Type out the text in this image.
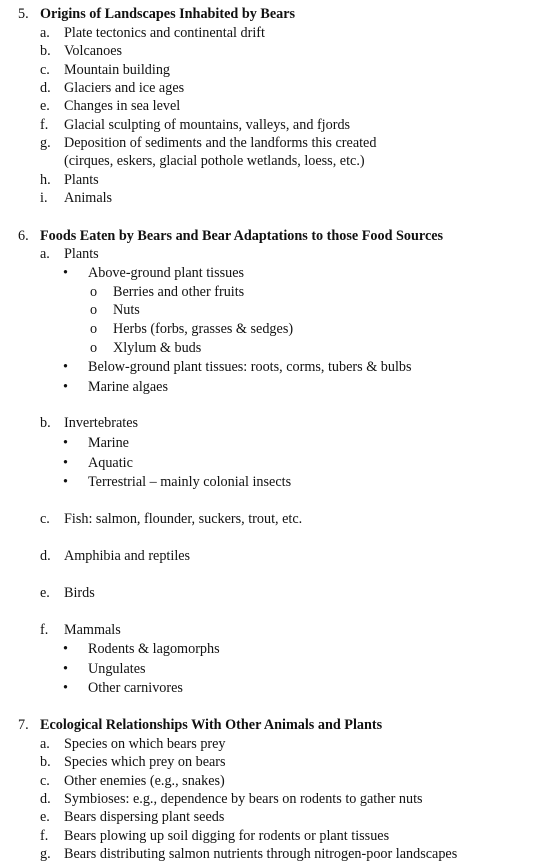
5. Origins of Landscapes Inhabited by Bears
a. Plate tectonics and continental drift
b. Volcanoes
c. Mountain building
d. Glaciers and ice ages
e. Changes in sea level
f. Glacial sculpting of mountains, valleys, and fjords
g. Deposition of sediments and the landforms this created
(cirques, eskers, glacial pothole wetlands, loess, etc.)
h. Plants
i. Animals
6. Foods Eaten by Bears and Bear Adaptations to those Food Sources
a. Plants
• Above-ground plant tissues
o Berries and other fruits
o Nuts
o Herbs (forbs, grasses & sedges)
o Xlylum & buds
• Below-ground plant tissues: roots, corms, tubers & bulbs
• Marine algaes
b. Invertebrates
• Marine
• Aquatic
• Terrestrial – mainly colonial insects
c. Fish: salmon, flounder, suckers, trout, etc.
d. Amphibia and reptiles
e. Birds
f. Mammals
• Rodents & lagomorphs
• Ungulates
• Other carnivores
7. Ecological Relationships With Other Animals and Plants
a. Species on which bears prey
b. Species which prey on bears
c. Other enemies (e.g., snakes)
d. Symbioses: e.g., dependence by bears on rodents to gather nuts
e. Bears dispersing plant seeds
f. Bears plowing up soil digging for rodents or plant tissues
g. Bears distributing salmon nutrients through nitrogen-poor landscapes
